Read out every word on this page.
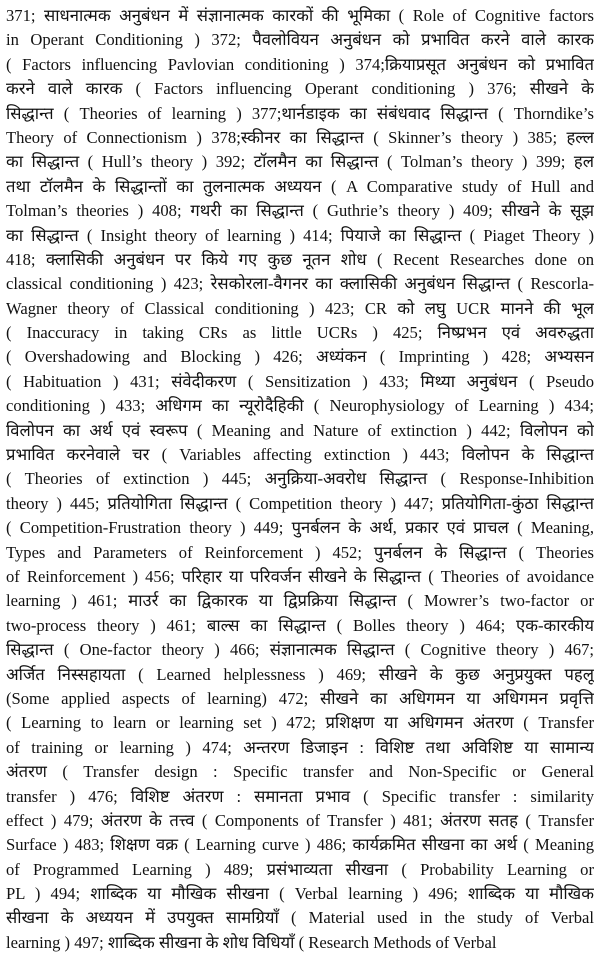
371; साधनात्मक अनुबंधन में संज्ञानात्मक कारकों की भूमिका ( Role of Cognitive factors
in Operant Conditioning ) 372; पैवलोवियन अनुबंधन को प्रभावित करने वाले कारक
( Factors influencing Pavlovian conditioning ) 374;क्रियाप्रसूत अनुबंधन को प्रभावित
करने वाले कारक ( Factors influencing Operant conditioning ) 376; सीखने के
सिद्धान्त ( Theories of learning ) 377;थार्नडाइक का संबंधवाद सिद्धान्त ( Thorndike’s
Theory of Connectionism ) 378;स्कीनर का सिद्धान्त ( Skinner’s theory ) 385; हल्ल
का सिद्धान्त ( Hull’s theory ) 392; टॉलमैन का सिद्धान्त ( Tolman’s theory ) 399; हल
तथा टॉलमैन के सिद्धान्तों का तुलनात्मक अध्ययन ( A Comparative study of Hull and
Tolman’s theories ) 408; गथरी का सिद्धान्त ( Guthrie’s theory ) 409; सीखने के सूझ
का सिद्धान्त ( Insight theory of learning ) 414; पियाजे का सिद्धान्त ( Piaget Theory )
418; क्लासिकी अनुबंधन पर किये गए कुछ नूतन शोध ( Recent Researches done on
classical conditioning ) 423; रेसकोरला-वैगनर का क्लासिकी अनुबंधन सिद्धान्त ( Rescorla-
Wagner theory of Classical conditioning ) 423; CR को लघु UCR मानने की भूल
( Inaccuracy in taking CRs as little UCRs ) 425; निष्प्रभन एवं अवरुद्धता
( Overshadowing and Blocking ) 426; अध्यंकन ( Imprinting ) 428; अभ्यसन
( Habituation ) 431; संवेदीकरण ( Sensitization ) 433; मिथ्या अनुबंधन ( Pseudo
conditioning ) 433; अधिगम का न्यूरोदैहिकी ( Neurophysiology of Learning ) 434;
विलोपन का अर्थ एवं स्वरूप ( Meaning and Nature of extinction ) 442; विलोपन को
प्रभावित करनेवाले चर ( Variables affecting extinction ) 443; विलोपन के सिद्धान्त
( Theories of extinction ) 445; अनुक्रिया-अवरोध सिद्धान्त ( Response-Inhibition
theory ) 445; प्रतियोगिता सिद्धान्त ( Competition theory ) 447; प्रतियोगिता-कुंठा सिद्धान्त
( Competition-Frustration theory ) 449; पुनर्बलन के अर्थ, प्रकार एवं प्राचल ( Meaning,
Types and Parameters of Reinforcement ) 452; पुनर्बलन के सिद्धान्त ( Theories
of Reinforcement ) 456; परिहार या परिवर्जन सीखने के सिद्धान्त ( Theories of avoidance
learning ) 461; माउर्र का द्विकारक या द्विप्रक्रिया सिद्धान्त ( Mowrer’s two-factor or
two-process theory ) 461; बाल्स का सिद्धान्त ( Bolles theory ) 464; एक-कारकीय
सिद्धान्त ( One-factor theory ) 466; संज्ञानात्मक सिद्धान्त ( Cognitive theory ) 467;
अर्जित निस्सहायता ( Learned helplessness ) 469; सीखने के कुछ अनुप्रयुक्त पहलू
(Some applied aspects of learning) 472; सीखने का अधिगमन या अधिगमन प्रवृत्ति
( Learning to learn or learning set ) 472; प्रशिक्षण या अधिगमन अंतरण ( Transfer
of training or learning ) 474; अन्तरण डिजाइन : विशिष्ट तथा अविशिष्ट या सामान्य
अंतरण ( Transfer design : Specific transfer and Non-Specific or General
transfer ) 476; विशिष्ट अंतरण : समानता प्रभाव ( Specific transfer : similarity
effect ) 479; अंतरण के तत्त्व ( Components of Transfer ) 481; अंतरण सतह ( Transfer
Surface ) 483; शिक्षण वक्र ( Learning curve ) 486; कार्यक्रमित सीखना का अर्थ ( Meaning
of Programmed Learning ) 489; प्रसंभाव्यता सीखना ( Probability Learning or
PL ) 494; शाब्दिक या मौखिक सीखना ( Verbal learning ) 496; शाब्दिक या मौखिक
सीखना के अध्ययन में उपयुक्त सामग्रियाँ ( Material used in the study of Verbal
learning ) 497; शाब्दिक सीखना के शोध विधियाँ ( Research Methods of Verbal
